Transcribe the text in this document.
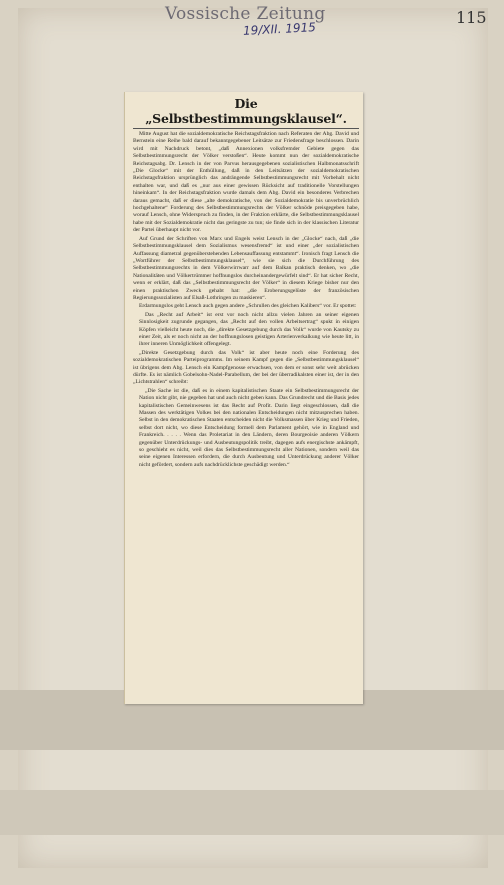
Vossische Zeitung
19/XII. 1915
115
Die „Selbstbestimmungsklausel“.

Mitte August hat die sozialdemokratische Reichstagsfraktion nach Referaten der Abg. David und Bernstein eine Reihe bald darauf bekanntgegebener Leitsätze zur Friedensfrage beschlossen. Darin wird mit Nachdruck betont, „daß Annexionen volksfremder Gebiete gegen das Selbstbestimmungsrecht der Völker verstoßen“. Heute kommt nun der sozialdemokratische Reichstagsabg. Dr. Lensch in der von Parvus herausgegebenen sozialistischen Halbmonatsschrift „Die Glocke“ mit der Enthüllung, daß in den Leitsätzen der sozialdemokratischen Reichstagsfraktion ursprünglich das andrängende Selbstbestimmungsrecht mit Vorbehalt nicht enthalten war, und daß es „nur aus einer gewissen Rücksicht auf traditionelle Vorstellungen hineinkam“. In der Reichstagsfraktion wurde damals dem Abg. David ein besonderes Verbrechen daraus gemacht, daß er diese „alte demokratische, von der Sozialdemokratie bis unverbrüchlich hochgehaltene“ Forderung des Selbstbestimmungsrechts der Völker schnöde preisgegeben habe, worauf Lensch, ohne Widerspruch zu finden, in der Fraktion erklärte, die Selbstbestimmungsklausel habe mit der Sozialdemokratie nicht das geringste zu tun; sie finde sich in der klassischen Literatur der Partei überhaupt nicht vor.

Auf Grund der Schriften von Marx und Engels weist Lensch in der „Glocke“ nach, daß „die Selbstbestimmungsklausel dem Sozialismus wesensfremd“ ist und einer „der sozialistischen Auffassung diametral gegenüberstehenden Lebensauffassung entstammt“. Ironisch fragt Lensch die „Wortführer der Selbstbestimmungsklausel“, wie sie sich die Durchführung des Selbstbestimmungsrechts in dem Völkerwirrwarr auf dem Balkan praktisch denken, wo „die Nationalitäten und Völkertrümmer hoffnungslos durcheinandergewürfelt sind“. Er hat sicher Recht, wenn er erklärt, daß das „Selbstbestimmungsrecht der Völker“ in diesem Kriege bisher nur den einen praktischen Zweck gehabt hat: „die Eroberungsgelüste der französischen Regierungssozialisten auf Elsaß-Lothringen zu maskieren“.

Erdarmungslos geht Lensch auch gegen andere „Schrullen des gleichen Kalibers“ vor. Er spottet:

Das „Recht auf Arbeit“ ist erst vor noch nicht allzu vielen Jahren an seiner eigenen Sinnlosigkeit zugrunde gegangen, das „Recht auf den vollen Arbeitsertrag“ spukt in einigen Köpfen vielleicht heute noch, die „direkte Gesetzgebung durch das Volk“ wurde von Kautsky zu einer Zeit, als er noch nicht an der hoffnungslosen geistigen Arterienverkalkung wie heute litt, in ihrer inneren Unmöglichkeit offengelegt.

„Direkte Gesetzgebung durch das Volk“ ist aber heute noch eine Forderung des sozialdemokratischen Parteiprogramms. Im seinem Kampf gegen die „Selbstbestimmungsklausel“ ist übrigens dem Abg. Lensch ein Kampfgenosse erwachsen, von dem er sonst sehr weit abrücken dürfte. Es ist nämlich Gobelsohn-Nadel-Parabellum, der bei der überradikalsten einer ist, der in den „Lichtstrahlen“ schreibt:

„Die Sache ist die, daß es in einem kapitalistischen Staate ein Selbstbestimmungsrecht der Nation nicht gibt, nie gegeben hat und auch nicht geben kann. Das Grundrecht und die Basis jedes kapitalistischen Gemeinwesens ist das Recht auf Profit. Darin liegt eingeschlossen, daß die Massen des werktätigen Volkes bei den nationalen Entscheidungen nicht mitzusprechen haben. Selbst in den demokratischen Staaten entscheiden nicht die Volksmassen über Krieg und Frieden, selbst dort nicht, wo diese Entscheidung formell dem Parlament gehört, wie in England und Frankreich. . . . . Wenn das Proletariat in den Ländern, deren Bourgeoisie anderen Völkern gegenüber Unterdrückungs- und Ausbeutungspolitik treibt, dagegen aufs energischste ankämpft, so geschieht es nicht, weil dies das Selbstbestimmungsrecht aller Nationen, sondern weil das seine eigenen Interessen erfordern, die durch Ausbeutung und Unterdrückung anderer Völker nicht gefördert, sondern aufs nachdrücklichste geschädigt werden.“
